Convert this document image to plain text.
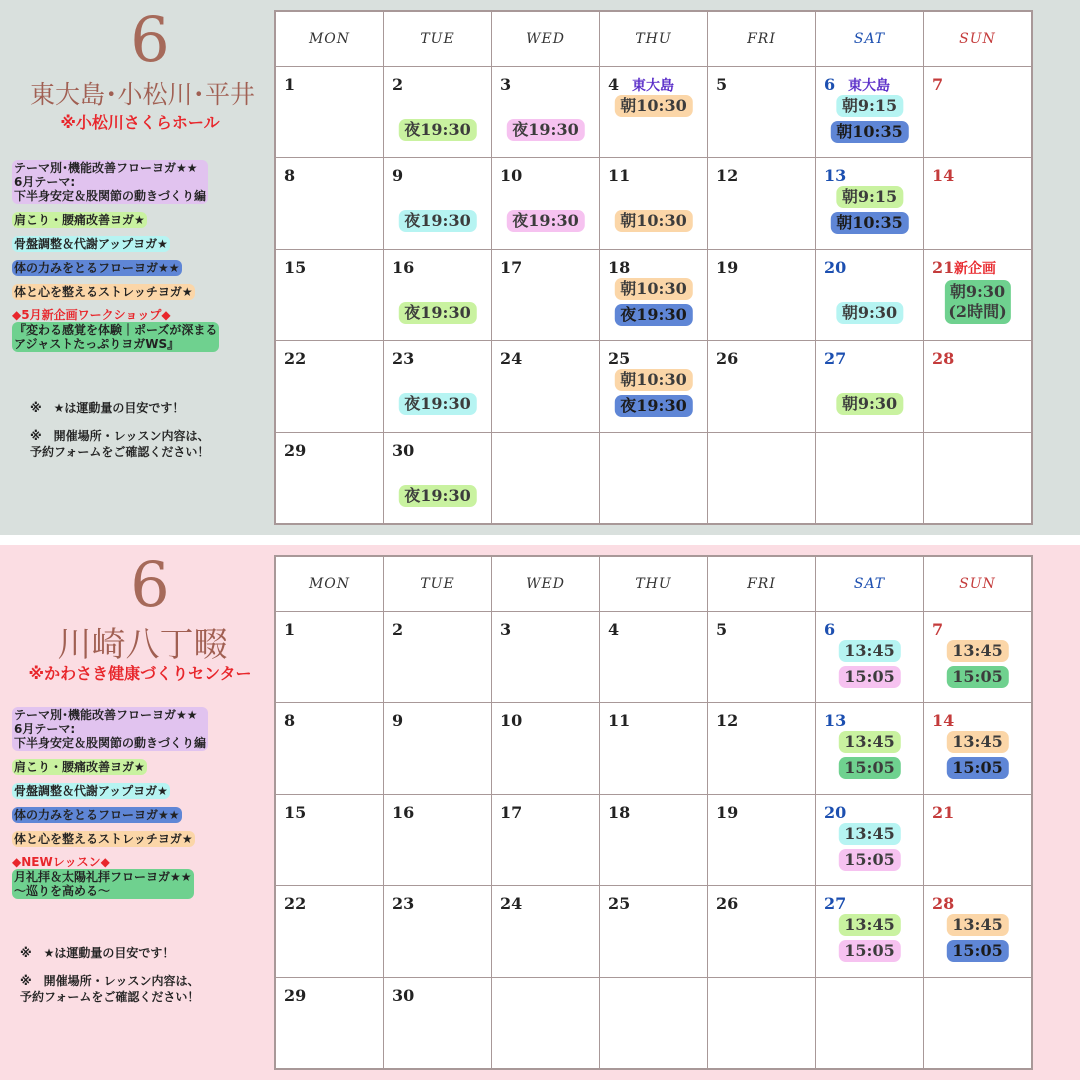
6
東大島･小松川･平井
※小松川さくらホール
テーマ別･機能改善フローヨガ★★
6月テーマ:
下半身安定＆股関節の動きづくり編
肩こり・腰痛改善ヨガ★
骨盤調整＆代謝アップヨガ★
体の力みをとるフローヨガ★★
体と心を整えるストレッチヨガ★
◆5月新企画ワークショップ◆
『変わる感覚を体験｜ポーズが深まる
アジャストたっぷりヨガWS』
※　★は運動量の目安です！
※　開催場所・レッスン内容は、
予約フォームをご確認ください！
MON	TUE	WED	THU	FRI	SAT	SUN

1	2
夜19:30	3
夜19:30	4 東大島
朝10:30	5	6 東大島
朝9:15
朝10:35	7

8	9
夜19:30	10
夜19:30	11
朝10:30	12	13
朝9:15
朝10:35	14

15	16
夜19:30	17	18
朝10:30
夜19:30	19	20
朝9:30	21 新企画
朝9:30
(2時間)

22	23
夜19:30	24	25
朝10:30
夜19:30	26	27
朝9:30	28

29	30
夜19:30					

6
川崎八丁畷
※かわさき健康づくりセンター
テーマ別･機能改善フローヨガ★★
6月テーマ:
下半身安定＆股関節の動きづくり編
肩こり・腰痛改善ヨガ★
骨盤調整＆代謝アップヨガ★
体の力みをとるフローヨガ★★
体と心を整えるストレッチヨガ★
◆NEWレッスン◆
月礼拝＆太陽礼拝フローヨガ★★
〜巡りを高める〜
※　★は運動量の目安です！
※　開催場所・レッスン内容は、
予約フォームをご確認ください！
MON	TUE	WED	THU	FRI	SAT	SUN

1	2	3	4	5	6
13:45
15:05	7
13:45
15:05

8	9	10	11	12	13
13:45
15:05	14
13:45
15:05

15	16	17	18	19	20
13:45
15:05	21

22	23	24	25	26	27
13:45
15:05	28
13:45
15:05

29	30					
